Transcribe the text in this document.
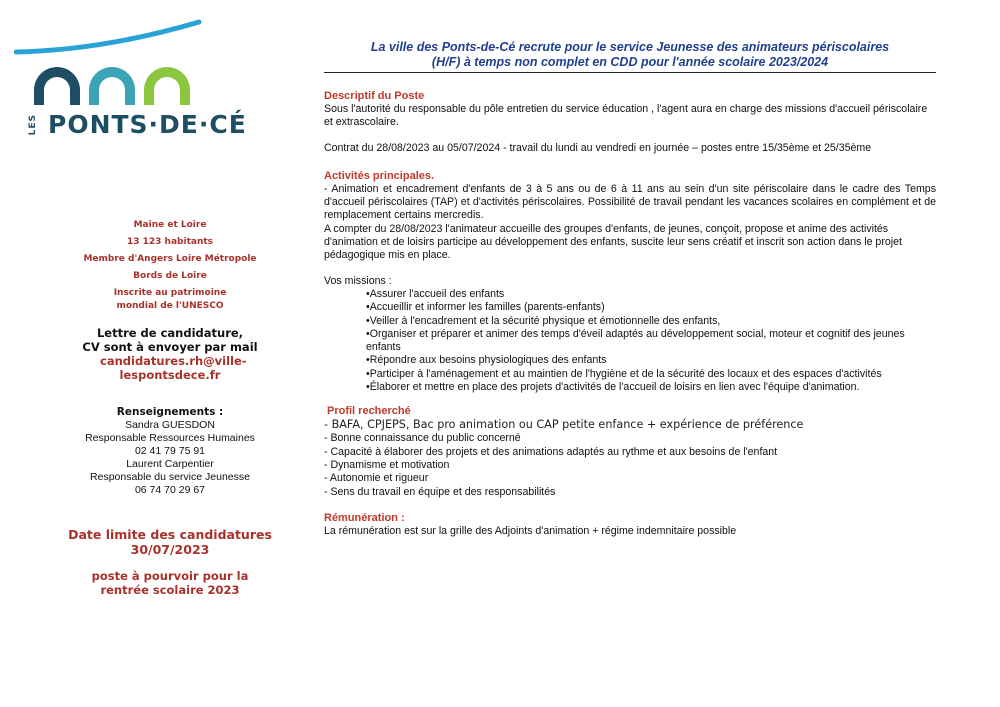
LES PONTS·DE·CÉ

Maine et Loire

13 123 habitants

Membre d'Angers Loire Métropole

Bords de Loire

Inscrite au patrimoine mondial de l'UNESCO

Lettre de candidature,
CV sont à envoyer par mail
candidatures.rh@ville-lespontsdece.fr
Renseignements :
Sandra GUESDON
Responsable Ressources Humaines
02 41 79 75 91
Laurent Carpentier
Responsable du service Jeunesse
06 74 70 29 67
Date limite des candidatures
30/07/2023
poste à pourvoir pour la
rentrée scolaire 2023
La ville des Ponts-de-Cé recrute pour le service Jeunesse des animateurs périscolaires
(H/F) à temps non complet en CDD pour l'année scolaire 2023/2024

Descriptif du Poste

Sous l'autorité du responsable du pôle entretien du service éducation , l'agent aura en charge des missions d'accueil périscolaire et extrascolaire.

Contrat du 28/08/2023 au 05/07/2024 - travail du lundi au vendredi en journée – postes entre 15/35ème et 25/35ème

Activités principales.

- Animation et encadrement d'enfants de 3 à 5 ans ou de 6 à 11 ans au sein d'un site périscolaire dans le cadre des Temps d'accueil périscolaires (TAP) et d'activités périscolaires. Possibilité de travail pendant les vacances scolaires en complément et de remplacement certains mercredis.

A compter du 28/08/2023 l'animateur accueille des groupes d'enfants, de jeunes, conçoit, propose et anime des activités d'animation et de loisirs participe au développement des enfants, suscite leur sens créatif et inscrit son action dans le projet pédagogique mis en place.

Vos missions :

•Assurer l'accueil des enfants

•Accueillir et informer les familles (parents-enfants)

•Veiller à l'encadrement et la sécurité physique et émotionnelle des enfants,

•Organiser et préparer et animer des temps d'éveil adaptés au développement social, moteur et cognitif des jeunes enfants

•Répondre aux besoins physiologiques des enfants

•Participer à l'aménagement et au maintien de l'hygiène et de la sécurité des locaux et des espaces d'activités

•Élaborer et mettre en place des projets d'activités de l'accueil de loisirs en lien avec l'équipe d'animation.

Profil recherché

- BAFA, CPJEPS, Bac pro animation ou CAP petite enfance + expérience de préférence

- Bonne connaissance du public concerné

- Capacité à élaborer des projets et des animations adaptés au rythme et aux besoins de l'enfant

- Dynamisme et motivation

- Autonomie et rigueur

- Sens du travail en équipe et des responsabilités

Rémunération :

La rémunération est sur la grille des Adjoints d'animation + régime indemnitaire possible
